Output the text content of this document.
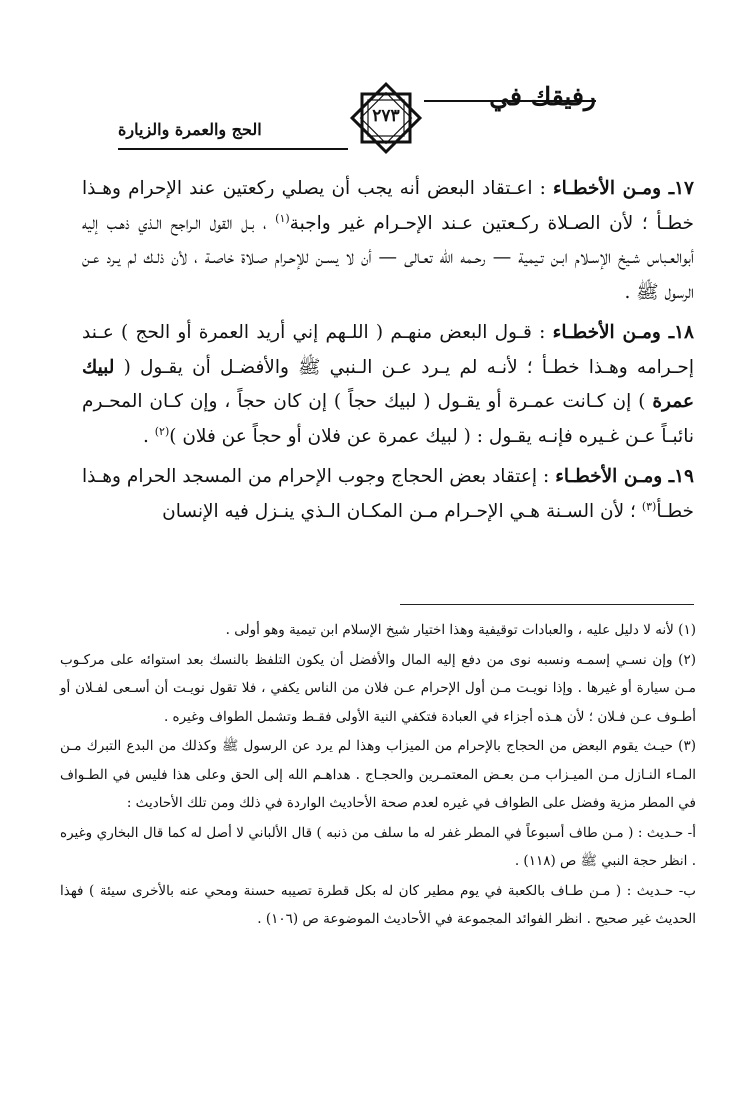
رفيقك في
الحج والعمرة والزيارة
٢٧٣

١٧ـ ومـن الأخطـاء : اعـتقاد البعض أنه يجب أن يصلي ركعتين عند الإحرام وهـذا خطـأ ؛ لأن الصـلاة ركـعتين عـند الإحـرام غير واجبة$^{(١)}$ ، بـل القول الـراجح الـذي ذهـب إليه أبوالعـباس شـيخ الإسـلام ابـن تـيمية — رحـمه الله تعـالى — أن لا يسـن للإحـرام صـلاة خاصـة ، لأن ذلـك لم يـرد عـن الرسول ﷺ .

١٨ـ ومـن الأخطـاء : قـول البعض منهـم ( اللـهم إني أريد العمرة أو الحج ) عـند إحـرامه وهـذا خطـأ ؛ لأنـه لم يـرد عـن الـنبي ﷺ والأفضـل أن يقـول ( لبيك عمرة ) إن كـانت عمـرة أو يقـول ( لبيك حجاً ) إن كان حجاً ، وإن كـان المحـرم نائبـاً عـن غـيره فإنـه يقـول : ( لبيك عمرة عن فلان أو حجاً عن فلان )$^{(٢)}$ .

١٩ـ ومـن الأخطـاء : إعتقاد بعض الحجاج وجوب الإحرام من المسجد الحرام وهـذا خطـأ$^{(٣)}$ ؛ لأن السـنة هـي الإحـرام مـن المكـان الـذي ينـزل فيه الإنسان

(١) لأنه لا دليل عليه ، والعبادات توقيفية وهذا اختيار شيخ الإسلام ابن تيمية وهو أولى .

(٢) وإن نسـي إسمـه ونسبه نوى من دفع إليه المال والأفضل أن يكون التلفظ بالنسك بعد استوائه على مركـوب مـن سيارة أو غيرها . وإذا نويـت مـن أول الإحرام عـن فلان من الناس يكفي ، فلا تقول نويـت أن أسـعى لفـلان أو أطـوف عـن فـلان ؛ لأن هـذه أجزاء في العبادة فتكفي النية الأولى فقـط وتشمل الطواف وغيره .

(٣) حيـث يقوم البعض من الحجاج بالإحرام من الميزاب وهذا لم يرد عن الرسول ﷺ وكذلك من البدع التبرك مـن المـاء النـازل مـن الميـزاب مـن بعـض المعتمـرين والحجـاج . هداهـم الله إلى الحق وعلى هذا فليس في الطـواف في المطر مزية وفضل على الطواف في غيره لعدم صحة الأحاديث الواردة في ذلك ومن تلك الأحاديث :

أ- حـديث : ( مـن طاف أسبوعاً في المطر غفر له ما سلف من ذنبه ) قال الألباني لا أصل له كما قال البخاري وغيره . انظر حجة النبي ﷺ ص (١١٨) .

ب- حـديث : ( مـن طـاف بالكعبة في يوم مطير كان له بكل قطرة تصيبه حسنة ومحي عنه بالأخرى سيئة ) فهذا الحديث غير صحيح . انظر الفوائد المجموعة في الأحاديث الموضوعة ص (١٠٦) .
